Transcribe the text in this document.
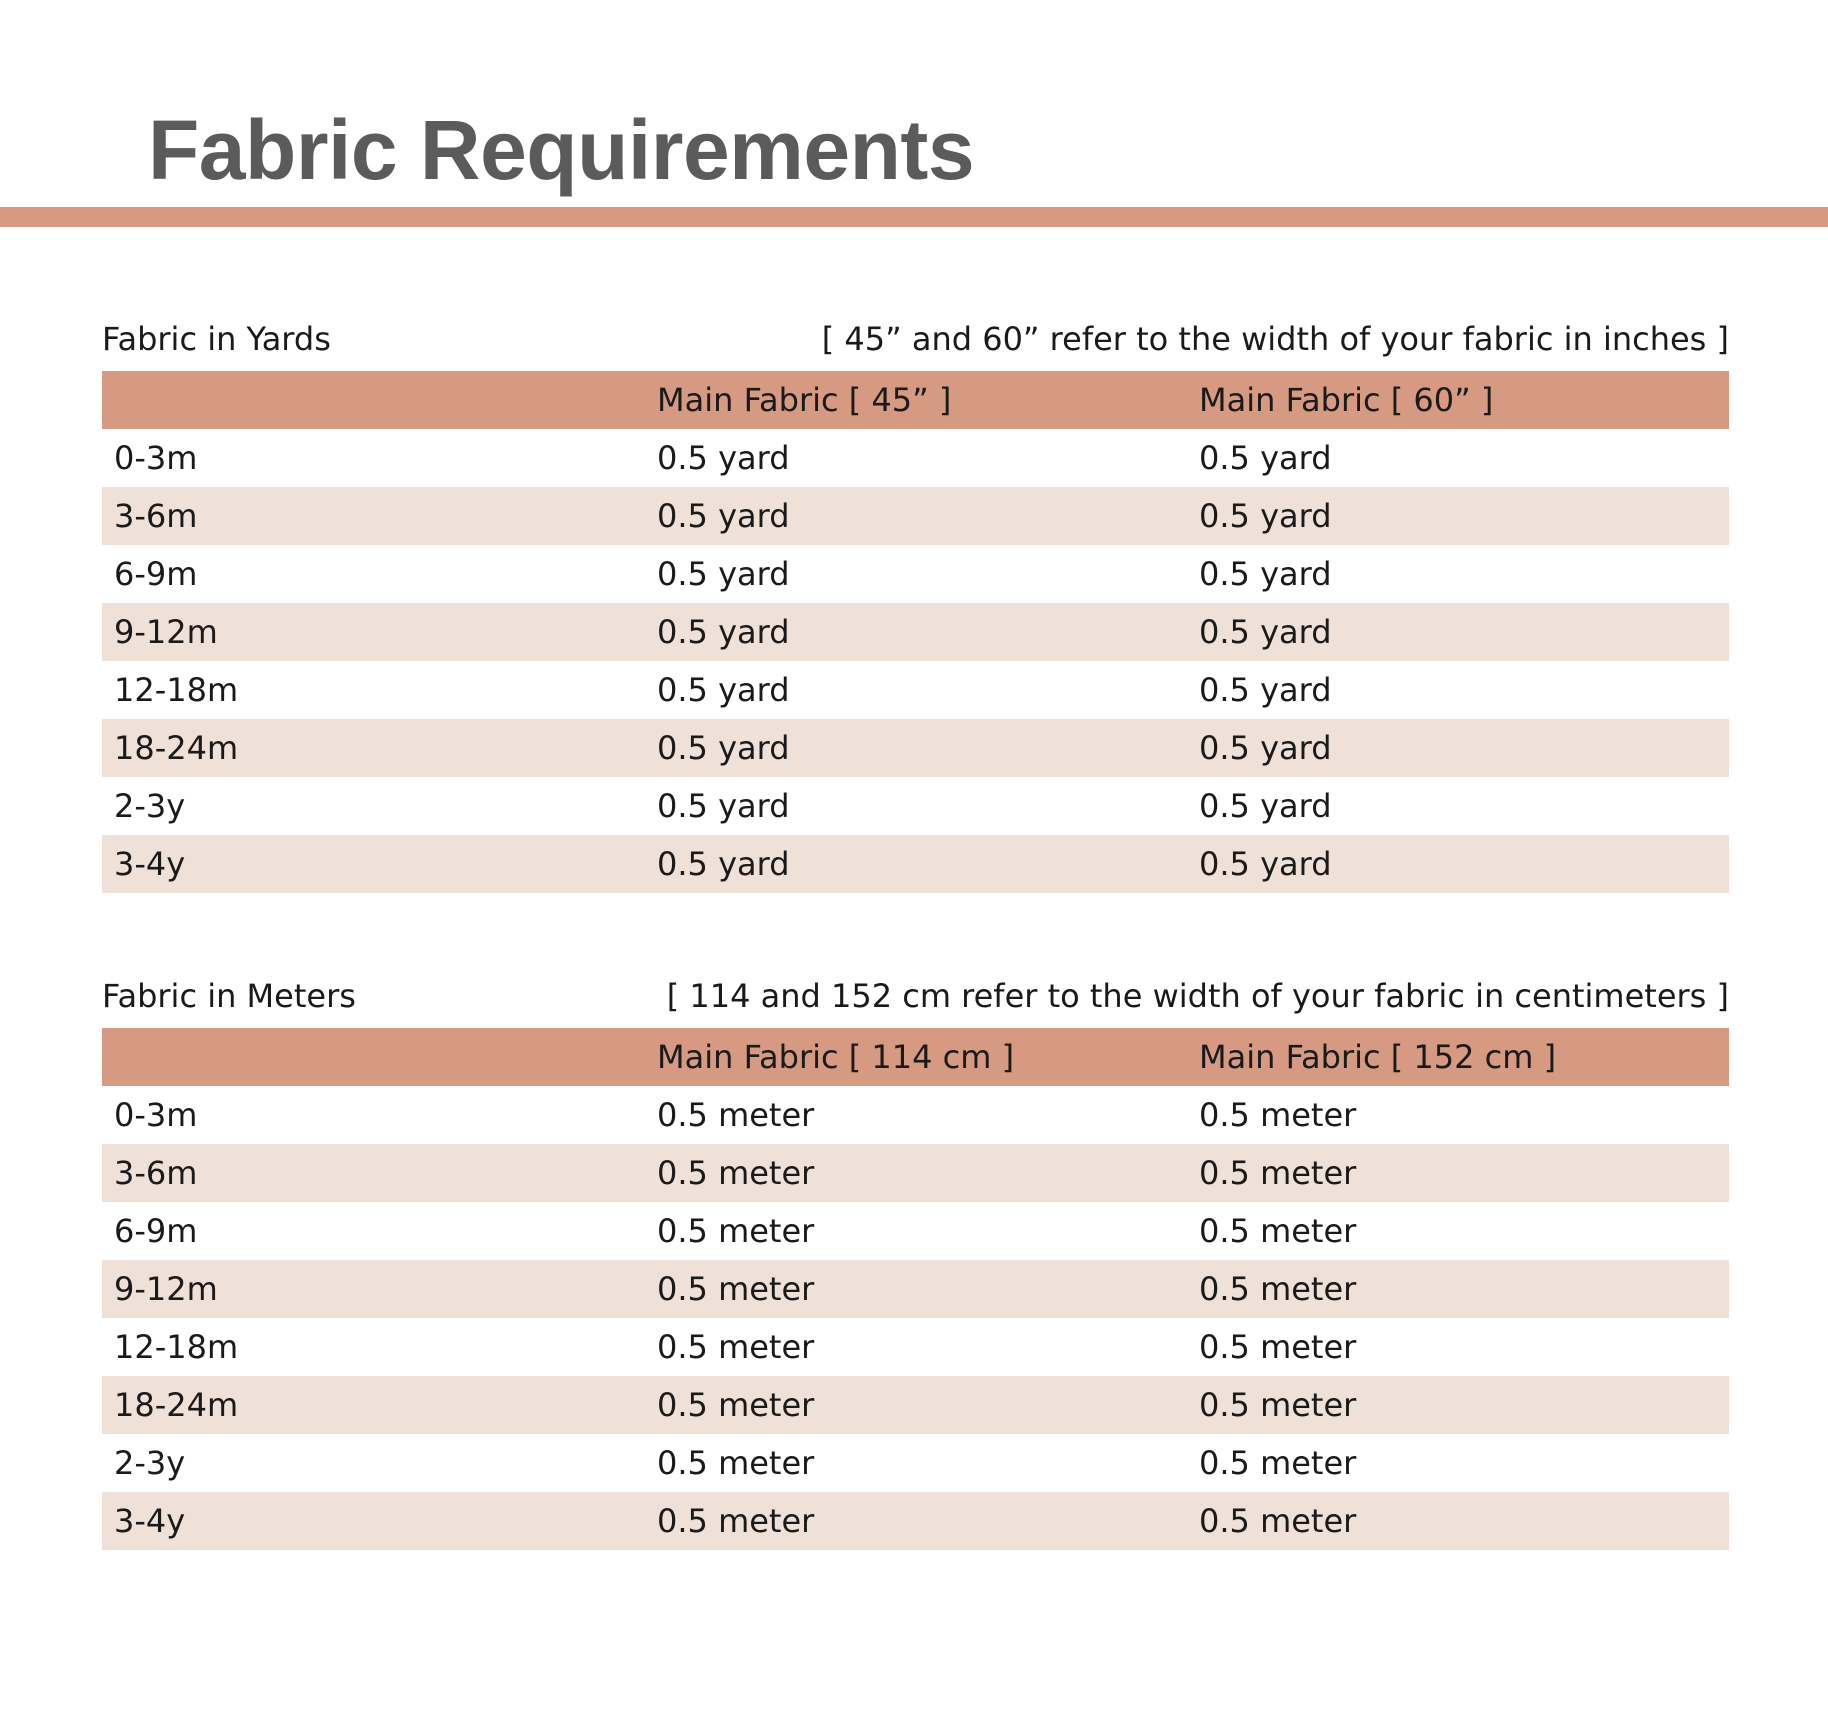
Fabric Requirements
Fabric in Yards	[ 45” and 60” refer to the width of your fabric in inches ]
	Main Fabric [ 45” ]	Main Fabric [ 60” ]
0-3m	0.5 yard	0.5 yard
3-6m	0.5 yard	0.5 yard
6-9m	0.5 yard	0.5 yard
9-12m	0.5 yard	0.5 yard
12-18m	0.5 yard	0.5 yard
18-24m	0.5 yard	0.5 yard
2-3y	0.5 yard	0.5 yard
3-4y	0.5 yard	0.5 yard
Fabric in Meters	[ 114 and 152 cm refer to the width of your fabric in centimeters ]
	Main Fabric [ 114 cm ]	Main Fabric [ 152 cm ]
0-3m	0.5 meter	0.5 meter
3-6m	0.5 meter	0.5 meter
6-9m	0.5 meter	0.5 meter
9-12m	0.5 meter	0.5 meter
12-18m	0.5 meter	0.5 meter
18-24m	0.5 meter	0.5 meter
2-3y	0.5 meter	0.5 meter
3-4y	0.5 meter	0.5 meter
